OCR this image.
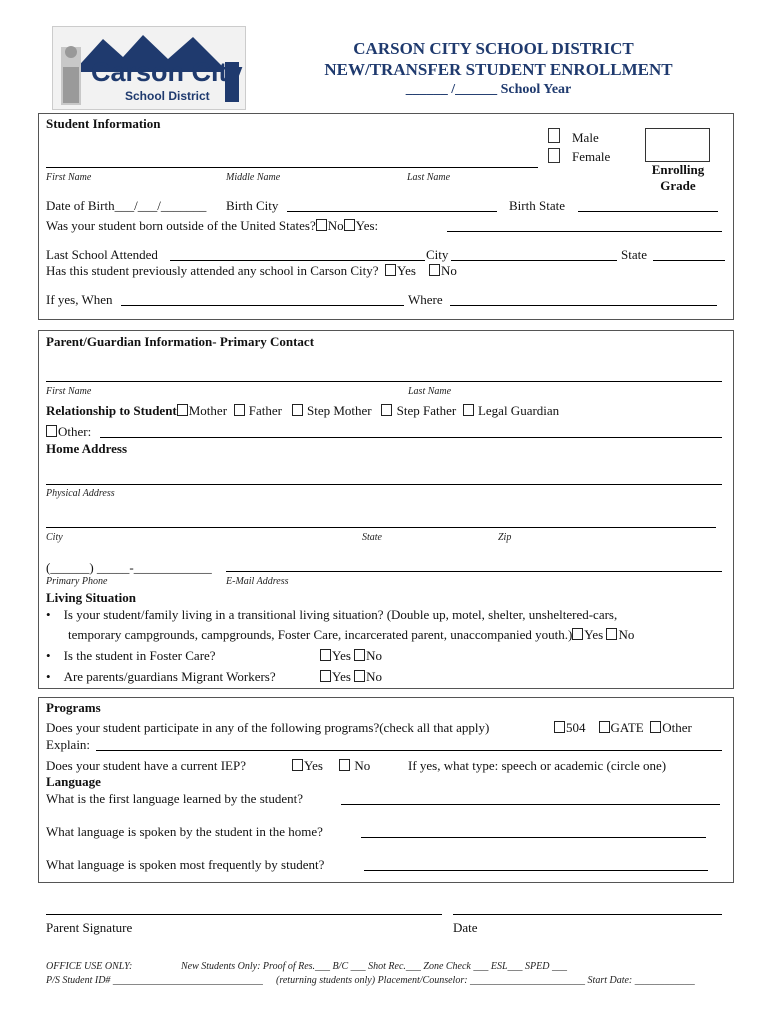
Carson City
School District
CARSON CITY SCHOOL DISTRICT
NEW/TRANSFER STUDENT ENROLLMENT
______ /______ School Year
Student Information
First Name	Middle Name	Last Name
Male
Female
Enrolling Grade
Date of Birth___/___/_______ Birth City	Birth State
Was your student born outside of the United States? No Yes:
Last School Attended	City	State
Has this student previously attended any school in Carson City? Yes No
If yes, When	Where
Parent/Guardian Information- Primary Contact
First Name	Last Name
Relationship to Student Mother Father Step Mother Step Father Legal Guardian
Other:
Home Address
Physical Address
City	State	Zip
(______) _____-____________
Primary Phone	E-Mail Address
Living Situation
•    Is your student/family living in a transitional living situation? (Double up, motel, shelter, unsheltered-cars,
temporary campgrounds, campgrounds, Foster Care, incarcerated parent, unaccompanied youth.) Yes No
•    Is the student in Foster Care?	Yes No
•    Are parents/guardians Migrant Workers?	Yes No
Programs
Does your student participate in any of the following programs?(check all that apply)	504 GATE Other
Explain:
Does your student have a current IEP?	Yes No	If yes, what type: speech or academic (circle one)
Language
What is the first language learned by the student?
What language is spoken by the student in the home?
What language is spoken most frequently by student?
Parent Signature	Date
OFFICE USE ONLY:	New Students Only: Proof of Res.___ B/C ___ Shot Rec.___ Zone Check ___ ESL___ SPED ___
P/S Student ID# ______________________________ (returning students only) Placement/Counselor: _______________________ Start Date: ____________
